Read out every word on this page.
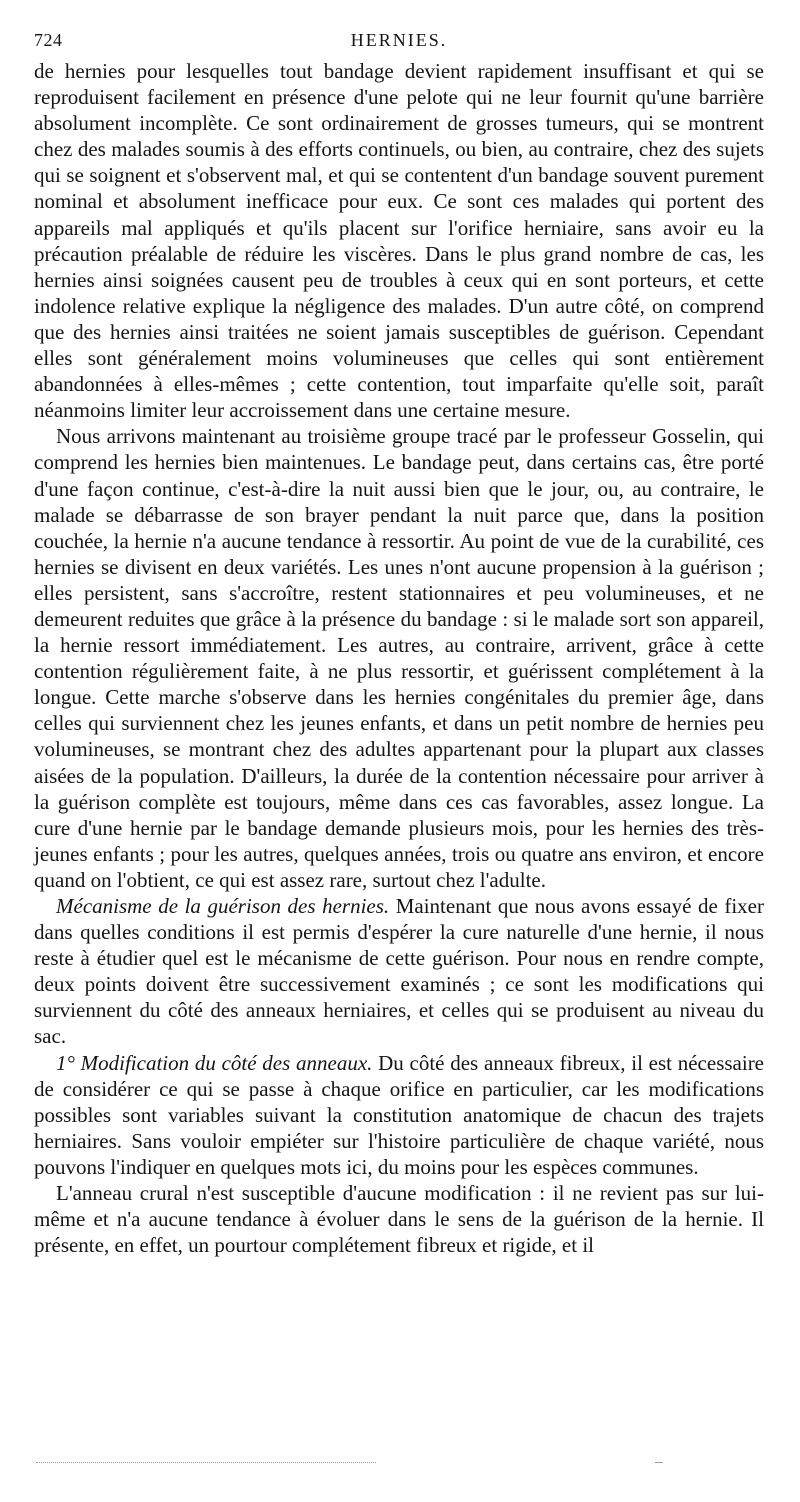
724	HERNIES.

de hernies pour lesquelles tout bandage devient rapidement insuffisant et qui se reproduisent facilement en présence d'une pelote qui ne leur fournit qu'une barrière absolument incomplète. Ce sont ordinairement de grosses tumeurs, qui se montrent chez des malades soumis à des efforts continuels, ou bien, au contraire, chez des sujets qui se soignent et s'observent mal, et qui se contentent d'un bandage souvent purement nominal et absolument inefficace pour eux. Ce sont ces malades qui portent des appareils mal appliqués et qu'ils placent sur l'orifice herniaire, sans avoir eu la précaution préalable de réduire les viscères. Dans le plus grand nombre de cas, les hernies ainsi soignées causent peu de troubles à ceux qui en sont porteurs, et cette indolence relative explique la négligence des malades. D'un autre côté, on comprend que des hernies ainsi traitées ne soient jamais susceptibles de guérison. Cependant elles sont généralement moins volumineuses que celles qui sont entièrement abandonnées à elles-mêmes ; cette contention, tout imparfaite qu'elle soit, paraît néanmoins limiter leur accroissement dans une certaine mesure.

Nous arrivons maintenant au troisième groupe tracé par le professeur Gosselin, qui comprend les hernies bien maintenues. Le bandage peut, dans certains cas, être porté d'une façon continue, c'est-à-dire la nuit aussi bien que le jour, ou, au contraire, le malade se débarrasse de son brayer pendant la nuit parce que, dans la position couchée, la hernie n'a aucune tendance à ressortir. Au point de vue de la curabilité, ces hernies se divisent en deux variétés. Les unes n'ont aucune propension à la guérison ; elles persistent, sans s'accroître, restent stationnaires et peu volumineuses, et ne demeurent reduites que grâce à la présence du bandage : si le malade sort son appareil, la hernie ressort immédiatement. Les autres, au contraire, arrivent, grâce à cette contention régulièrement faite, à ne plus ressortir, et guérissent complétement à la longue. Cette marche s'observe dans les hernies congénitales du premier âge, dans celles qui surviennent chez les jeunes enfants, et dans un petit nombre de hernies peu volumineuses, se montrant chez des adultes appartenant pour la plupart aux classes aisées de la population. D'ailleurs, la durée de la contention nécessaire pour arriver à la guérison complète est toujours, même dans ces cas favorables, assez longue. La cure d'une hernie par le bandage demande plusieurs mois, pour les hernies des très-jeunes enfants ; pour les autres, quelques années, trois ou quatre ans environ, et encore quand on l'obtient, ce qui est assez rare, surtout chez l'adulte.

Mécanisme de la guérison des hernies. Maintenant que nous avons essayé de fixer dans quelles conditions il est permis d'espérer la cure naturelle d'une hernie, il nous reste à étudier quel est le mécanisme de cette guérison. Pour nous en rendre compte, deux points doivent être successivement examinés ; ce sont les modifications qui surviennent du côté des anneaux herniaires, et celles qui se produisent au niveau du sac.

1° Modification du côté des anneaux. Du côté des anneaux fibreux, il est nécessaire de considérer ce qui se passe à chaque orifice en particulier, car les modifications possibles sont variables suivant la constitution anatomique de chacun des trajets herniaires. Sans vouloir empiéter sur l'histoire particulière de chaque variété, nous pouvons l'indiquer en quelques mots ici, du moins pour les espèces communes.

L'anneau crural n'est susceptible d'aucune modification : il ne revient pas sur lui-même et n'a aucune tendance à évoluer dans le sens de la guérison de la hernie. Il présente, en effet, un pourtour complétement fibreux et rigide, et il
